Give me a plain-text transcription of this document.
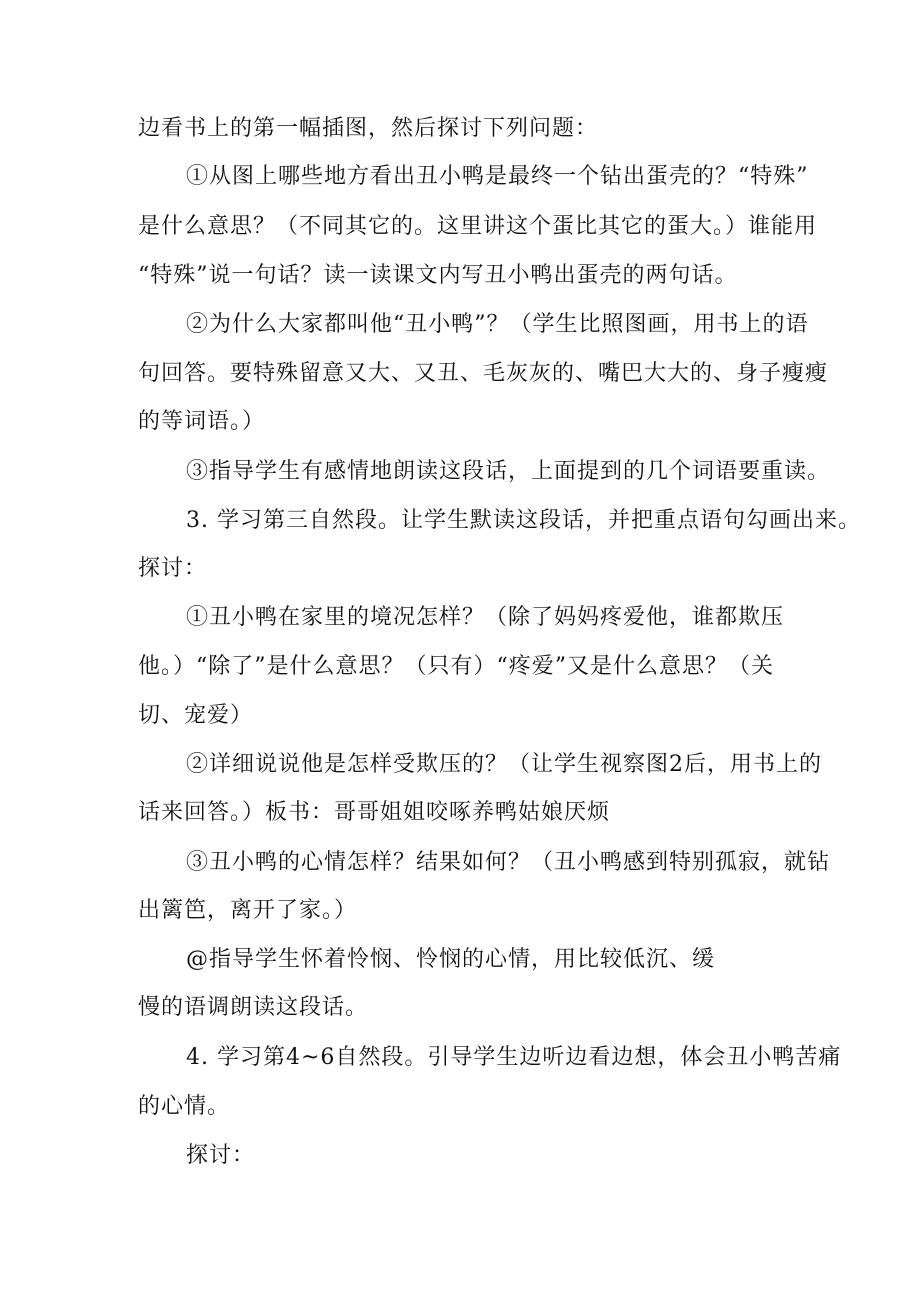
边看书上的第一幅插图，然后探讨下列问题：
①从图上哪些地方看出丑小鸭是最终一个钻出蛋壳的？“特殊”
是什么意思？（不同其它的。这里讲这个蛋比其它的蛋大。）谁能用
“特殊”说一句话？读一读课文内写丑小鸭出蛋壳的两句话。
②为什么大家都叫他“丑小鸭”？（学生比照图画，用书上的语
句回答。要特殊留意又大、又丑、毛灰灰的、嘴巴大大的、身子瘦瘦
的等词语。）
③指导学生有感情地朗读这段话，上面提到的几个词语要重读。
3. 学习第三自然段。让学生默读这段话，并把重点语句勾画出来。
探讨：
①丑小鸭在家里的境况怎样？（除了妈妈疼爱他，谁都欺压
他。）“除了”是什么意思？（只有）“疼爱”又是什么意思？（关
切、宠爱）
②详细说说他是怎样受欺压的？（让学生视察图2后，用书上的
话来回答。）板书：哥哥姐姐咬啄养鸭姑娘厌烦
③丑小鸭的心情怎样？结果如何？（丑小鸭感到特别孤寂，就钻
出篱笆，离开了家。）
@指导学生怀着怜悯、怜悯的心情，用比较低沉、缓
慢的语调朗读这段话。
4. 学习第4~6自然段。引导学生边听边看边想，体会丑小鸭苦痛
的心情。
探讨：
